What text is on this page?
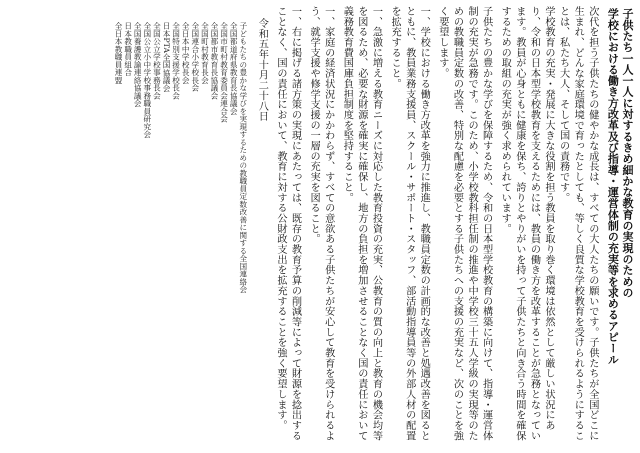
子供たち一人一人に対するきめ細かな教育の実現のための
学校における働き方改革及び指導・運営体制の充実等を求めるアピール
次代を担う子供たちの健やかな成長は、すべての大人たちの願いです。子供たちが全国どこに生まれ、どんな家庭環境で育ったとしても、等しく良質な学校教育を受けられるようにすることは、私たち大人、そして国の責務です。
学校教育の充実・発展に大きな役割を担う教員を取り巻く環境は依然として厳しい状況にあり、令和の日本型学校教育を支えるためには、教員の働き方を改革することが急務となっています。教員が心身ともに健康を保ち、誇りとやりがいを持って子供たちと向き合う時間を確保するための取組の充実が強く求められています。
子供たちの豊かな学びを保障するため、令和の日本型学校教育の構築に向けて、指導・運営体制の充実が急務です。このため、小学校教科担任制の推進や中学校三十五人学級の実現等のための教職員定数の改善、特別な配慮を必要とする子供たちへの支援の充実など、次のことを強く要望します。
一、学校における働き方改革を強力に推進し、教職員定数の計画的な改善と処遇改善を図るとともに、教員業務支援員、スクール・サポート・スタッフ、部活動指導員等の外部人材の配置を拡充すること。
一、急激に増える教育ニーズに対応した教育投資の充実、公教育の質の向上と教育の機会均等を図るため、必要な財源を確実に確保し、地方の負担を増加させることなく国の責任において義務教育費国庫負担制度を堅持すること。
一、家庭の経済状況にかかわらず、すべての意欲ある子供たちが安心して教育を受けられるよう、就学支援や修学支援の一層の充実を図ること。
一、右に掲げる諸方策の実現にあたっては、既存の教育予算の削減等によって財源を捻出することなく、国の責任において、教育に対する公財政支出を拡充することを強く要望します。
令和五年十月二十八日
子どもたちの豊かな学びを実現するための教職員定数改善に関する全国連絡会
全国都道府県教育長協議会
全国市町村教育委員会連合会
全国都市教育長協議会
全国町村教育長会
全国連合小学校長会
全日本中学校長会
全国特別支援学校長会
日本PTA全国協議会
全国公立学校事務長会
全国公立小中学校事務職員研究会
全国養護教諭連絡協議会
日本教職員組合
全日本教職員連盟
